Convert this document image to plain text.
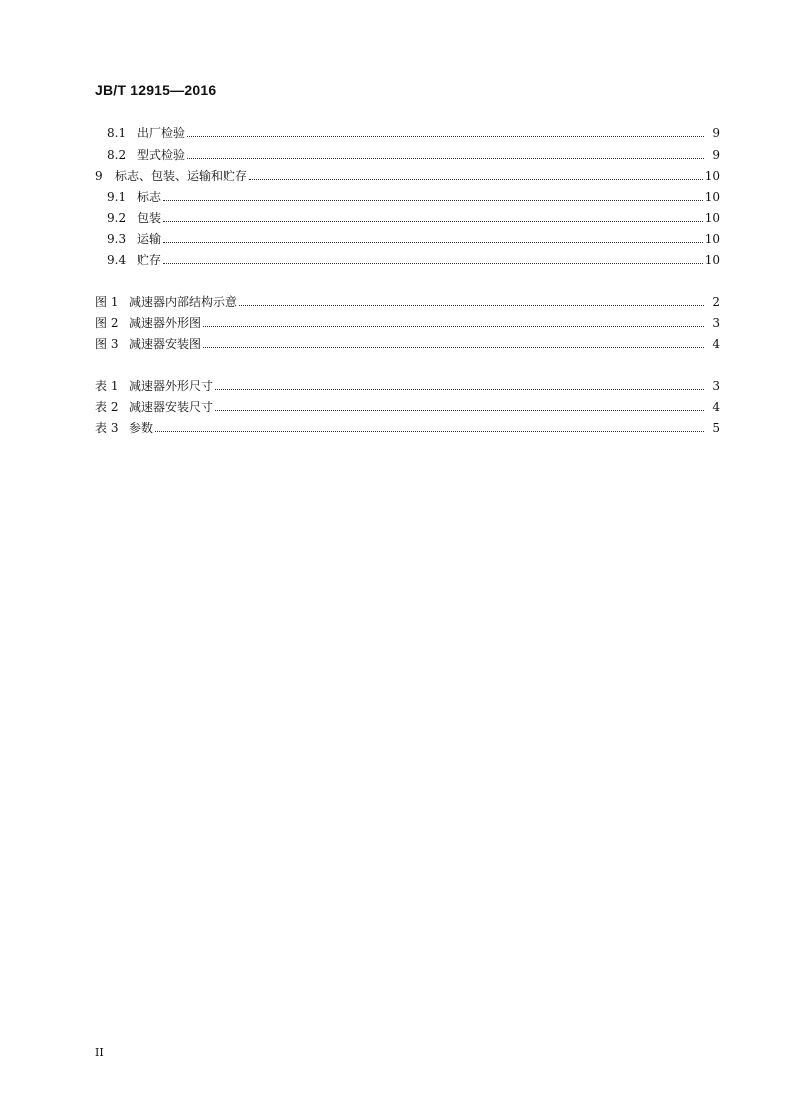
JB/T 12915—2016
8.1 出厂检验	9
8.2 型式检验	9
9	标志、包装、运输和贮存	10
9.1 标志	10
9.2 包装	10
9.3 运输	10
9.4 贮存	10
图 1 减速器内部结构示意	2
图 2 减速器外形图	3
图 3 减速器安装图	4
表 1 减速器外形尺寸	3
表 2 减速器安装尺寸	4
表 3 参数	5
II
